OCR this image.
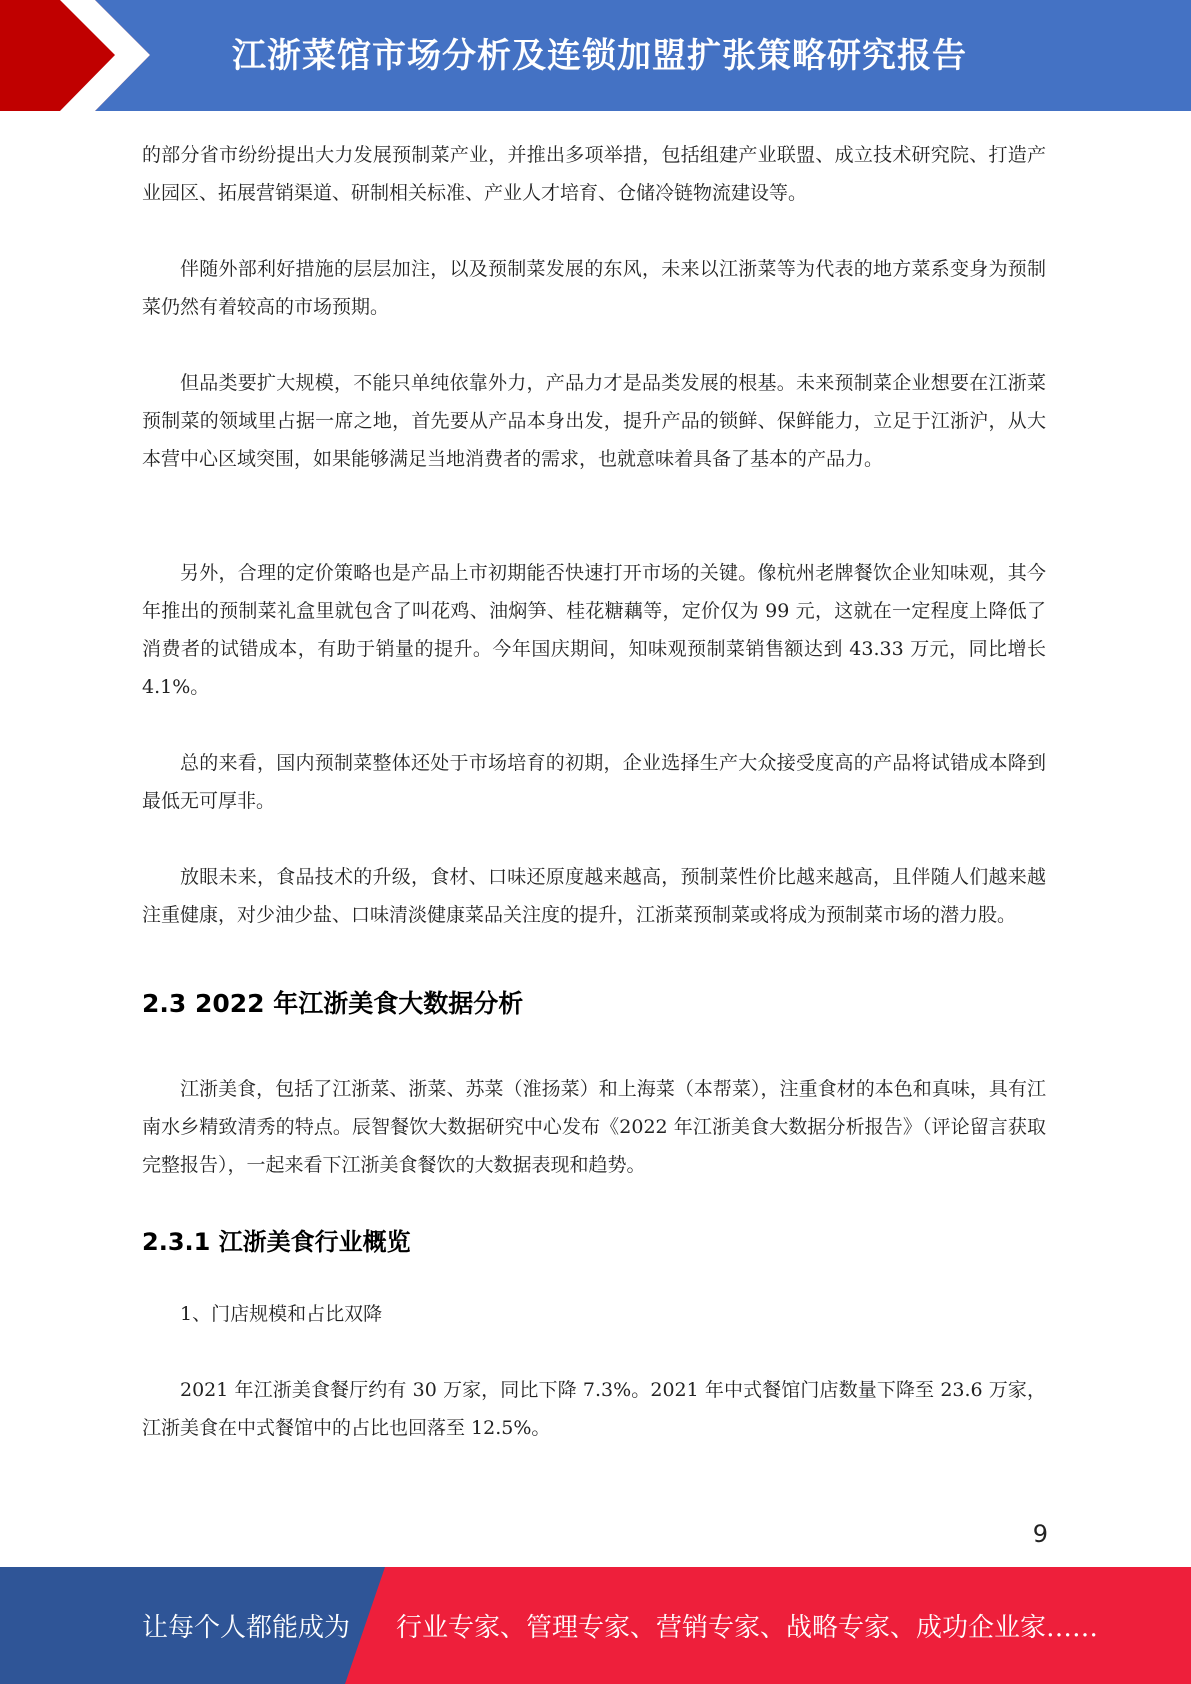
江浙菜馆市场分析及连锁加盟扩张策略研究报告

的部分省市纷纷提出大力发展预制菜产业，并推出多项举措，包括组建产业联盟、成立技术研究院、打造产业园区、拓展营销渠道、研制相关标准、产业人才培育、仓储冷链物流建设等。

伴随外部利好措施的层层加注，以及预制菜发展的东风，未来以江浙菜等为代表的地方菜系变身为预制菜仍然有着较高的市场预期。

但品类要扩大规模，不能只单纯依靠外力，产品力才是品类发展的根基。未来预制菜企业想要在江浙菜预制菜的领域里占据一席之地，首先要从产品本身出发，提升产品的锁鲜、保鲜能力，立足于江浙沪，从大本营中心区域突围，如果能够满足当地消费者的需求，也就意味着具备了基本的产品力。

另外，合理的定价策略也是产品上市初期能否快速打开市场的关键。像杭州老牌餐饮企业知味观，其今年推出的预制菜礼盒里就包含了叫花鸡、油焖笋、桂花糖藕等，定价仅为 99 元，这就在一定程度上降低了消费者的试错成本，有助于销量的提升。今年国庆期间，知味观预制菜销售额达到 43.33 万元，同比增长 4.1%。

总的来看，国内预制菜整体还处于市场培育的初期，企业选择生产大众接受度高的产品将试错成本降到最低无可厚非。

放眼未来，食品技术的升级，食材、口味还原度越来越高，预制菜性价比越来越高，且伴随人们越来越注重健康，对少油少盐、口味清淡健康菜品关注度的提升，江浙菜预制菜或将成为预制菜市场的潜力股。

2.3 2022 年江浙美食大数据分析

江浙美食，包括了江浙菜、浙菜、苏菜（淮扬菜）和上海菜（本帮菜），注重食材的本色和真味，具有江南水乡精致清秀的特点。辰智餐饮大数据研究中心发布《2022 年江浙美食大数据分析报告》（评论留言获取完整报告），一起来看下江浙美食餐饮的大数据表现和趋势。

2.3.1 江浙美食行业概览

1、门店规模和占比双降

2021 年江浙美食餐厅约有 30 万家，同比下降 7.3%。2021 年中式餐馆门店数量下降至 23.6 万家，江浙美食在中式餐馆中的占比也回落至 12.5%。

9
让每个人都能成为 行业专家、管理专家、营销专家、战略专家、成功企业家……
